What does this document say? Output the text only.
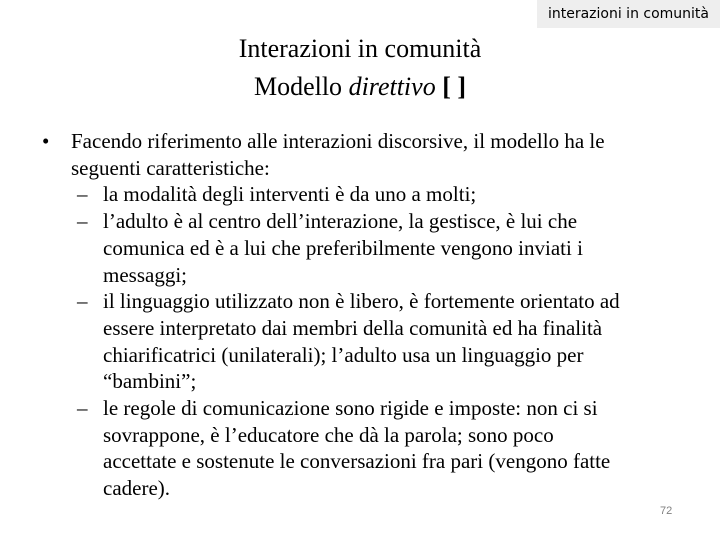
interazioni in comunità
Interazioni in comunità
Modello direttivo [ ]
• Facendo riferimento alle interazioni discorsive, il modello ha le
seguenti caratteristiche:
– la modalità degli interventi è da uno a molti;
– l’adulto è al centro dell’interazione, la gestisce, è lui che
comunica ed è a lui che preferibilmente vengono inviati i
messaggi;
– il linguaggio utilizzato non è libero, è fortemente orientato ad
essere interpretato dai membri della comunità ed ha finalità
chiarificatrici (unilaterali); l’adulto usa un linguaggio per
“bambini”;
– le regole di comunicazione sono rigide e imposte: non ci si
sovrappone, è l’educatore che dà la parola; sono poco
accettate e sostenute le conversazioni fra pari (vengono fatte
cadere).
72
